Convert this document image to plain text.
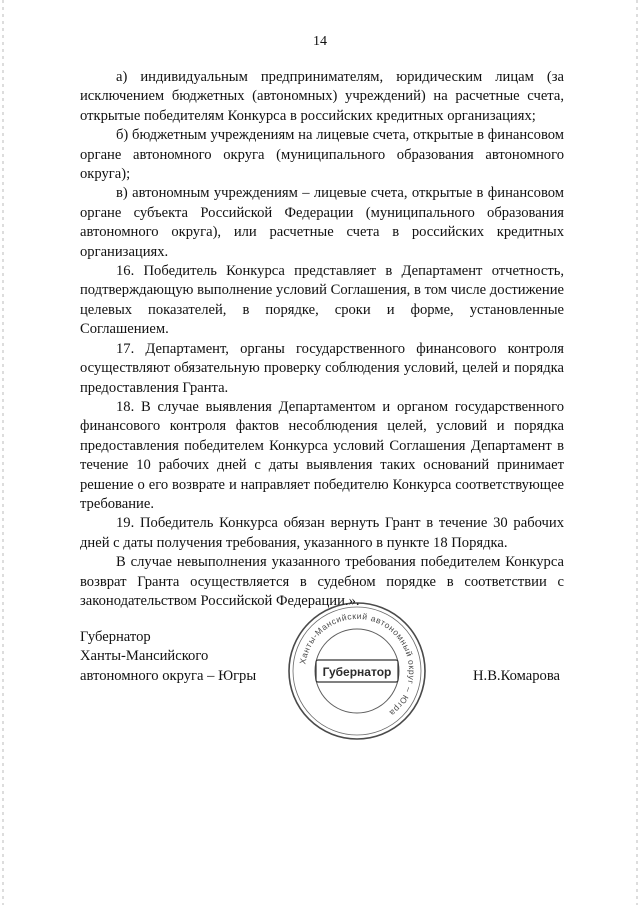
14

а) индивидуальным предпринимателям, юридическим лицам (за исключением бюджетных (автономных) учреждений) на расчетные счета, открытые победителям Конкурса в российских кредитных организациях;

б) бюджетным учреждениям на лицевые счета, открытые в финансовом органе автономного округа (муниципального образования автономного округа);

в) автономным учреждениям – лицевые счета, открытые в финансовом органе субъекта Российской Федерации (муниципального образования автономного округа), или расчетные счета в российских кредитных организациях.

16. Победитель Конкурса представляет в Департамент отчетность, подтверждающую выполнение условий Соглашения, в том числе достижение целевых показателей, в порядке, сроки и форме, установленные Соглашением.

17. Департамент, органы государственного финансового контроля осуществляют обязательную проверку соблюдения условий, целей и порядка предоставления Гранта.

18. В случае выявления Департаментом и органом государственного финансового контроля фактов несоблюдения целей, условий и порядка предоставления победителем Конкурса условий Соглашения Департамент в течение 10 рабочих дней с даты выявления таких оснований принимает решение о его возврате и направляет победителю Конкурса соответствующее требование.

19. Победитель Конкурса обязан вернуть Грант в течение 30 рабочих дней с даты получения требования, указанного в пункте 18 Порядка.

В случае невыполнения указанного требования победителем Конкурса возврат Гранта осуществляется в судебном порядке в соответствии с законодательством Российской Федерации.».

Губернатор
Ханты-Мансийского
автономного округа – Югры
Ханты-Мансийский автономный округ – Югра
Губернатор	Н.В.Комарова
